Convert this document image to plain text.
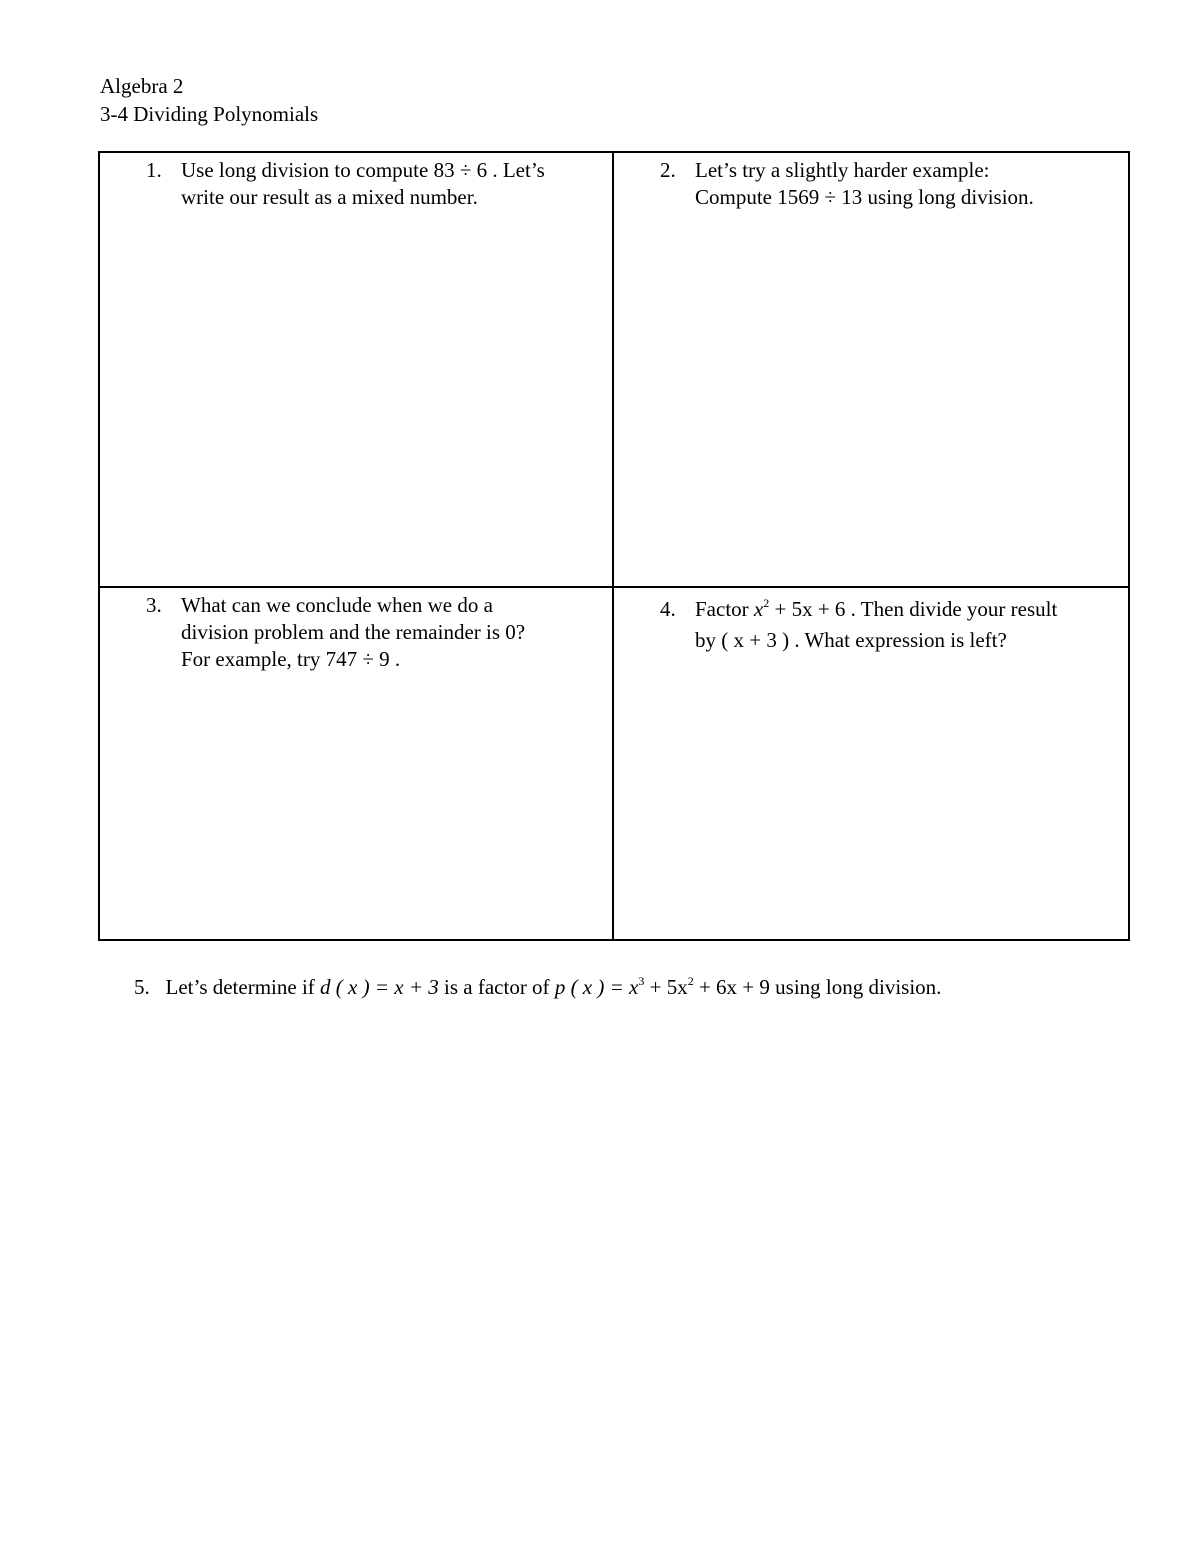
Algebra 2
3-4 Dividing Polynomials
1. Use long division to compute 83 ÷ 6 . Let’s
write our result as a mixed number.
2. Let’s try a slightly harder example:
Compute 1569 ÷ 13 using long division.
3. What can we conclude when we do a
division problem and the remainder is 0?
For example, try 747 ÷ 9 .
4. Factor $x^2 + 5x + 6$ . Then divide your result
by ( x + 3 ) . What expression is left?
5. Let’s determine if d ( x ) = x + 3 is a factor of p ( x ) = $x^3 + 5x^2 + 6x + 9$ using long division.
